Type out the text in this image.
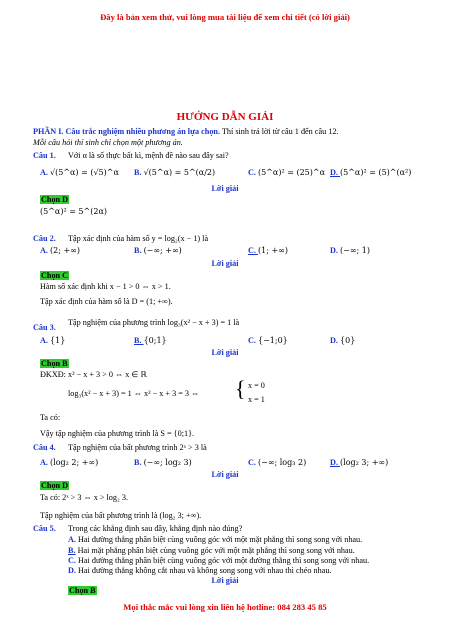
Đây là bản xem thử, vui lòng mua tài liệu để xem chi tiết (có lời giải)
HƯỚNG DẪN GIẢI
PHẦN I. Câu trắc nghiệm nhiều phương án lựa chọn. Thí sinh trả lời từ câu 1 đến câu 12.
Mỗi câu hỏi thí sinh chỉ chọn một phương án.
Câu 1. Với α là số thực bất kì, mệnh đề nào sau đây sai?
A. √(5^α) = (√5)^α B. √(5^α) = 5^(α/2)	C. (5^α)² = (25)^α D. (5^α)² = (5)^(α²)
Lời giải
Chọn D
(5^α)² = 5^(2α)
Câu 2. Tập xác định của hàm số y = log₂(x − 1) là
A. (2; +∞)	B. (−∞; +∞)	C. (1; +∞)	D. (−∞; 1)
Lời giải
Chọn C
Hàm số xác định khi x − 1 > 0 ⇔ x > 1.
Tập xác định của hàm số là D = (1; +∞).
Câu 3.
Tập nghiệm của phương trình log₃(x² − x + 3) = 1 là
A. {1}	B. {0;1}	C. {−1;0}	D. {0}
Lời giải
Chọn B
ĐKXĐ: x² − x + 3 > 0 ⇔ x ∈ ℝ
log₃(x² − x + 3) = 1 ⇔ x² − x + 3 = 3 ⇔ { x = 0
x = 1
Ta có:
Vậy tập nghiệm của phương trình là S = {0;1}.
Câu 4. Tập nghiệm của bất phương trình 2ˣ > 3 là
A. (log₂ 2; +∞)	B. (−∞; log₂ 3)	C. (−∞; log₃ 2)	D. (log₂ 3; +∞)
Lời giải
Chọn D
Ta có: 2ˣ > 3 ⇔ x > log₂ 3.
Tập nghiệm của bất phương trình là (log₂ 3; +∞).
Câu 5. Trong các khẳng định sau đây, khẳng định nào đúng?
A. Hai đường thẳng phân biệt cùng vuông góc với một mặt phẳng thì song song với nhau.
B. Hai mặt phẳng phân biệt cùng vuông góc với một mặt phẳng thì song song với nhau.
C. Hai đường thẳng phân biệt cùng vuông góc với một đường thẳng thì song song với nhau.
D. Hai đường thẳng không cắt nhau và không song song với nhau thì chéo nhau.
Lời giải
Chọn B
Mọi thắc mắc vui lòng xin liên hệ hotline: 084 283 45 85
